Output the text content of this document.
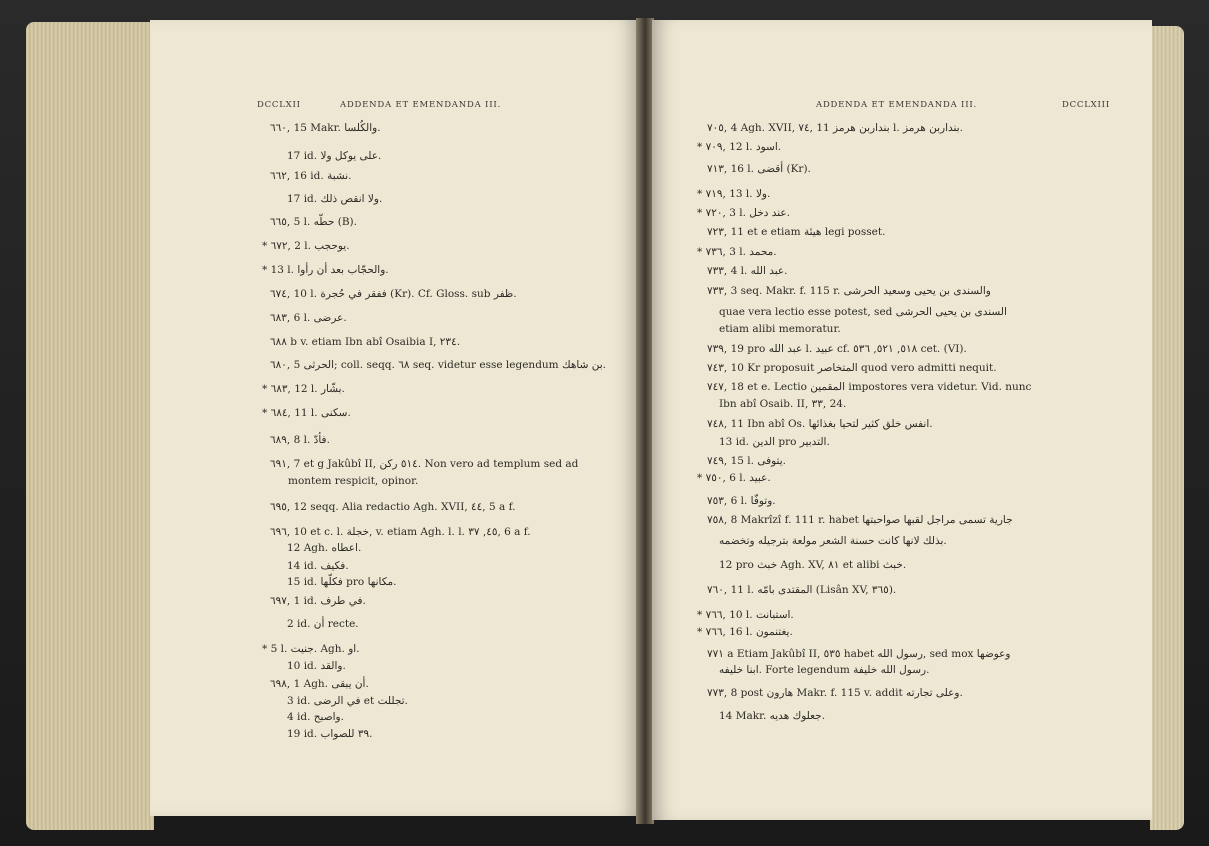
DCCLXII	ADDENDA ET EMENDANDA III.
٦٦٠, 15 Makr. والكُلسا.
17 id. على يوكل ولا.
٦٦٢, 16 id. نشبة.
17 id. ولا انقص ذلك.
٦٦٥, 5 l. حطّه (B).
* ٦٧٢, 2 l. يوحجب.
* 13 l. والحجّاب بعد أن رأوا.
٦٧٤, 10 l. ففقر في حُجرة (Kr). Cf. Gloss. sub ظفر.
٦٨٣, 6 l. عرضى.
٦٨٨ b v. etiam Ibn abî Osaibia I, ٢٣٤.
٦٨٠, 5 الحرثى; coll. seqq. ٦٨ seq. videtur esse legendum بن شاهك.
* ٦٨٣, 12 l. بشّار.
* ٦٨٤, 11 l. سكنى.
٦٨٩, 8 l. فأدّ.
٦٩١, 7 et g Jakûbî II, ٥١٤ ركن. Non vero ad templum sed ad
montem respicit, opinor.
٦٩٥, 12 seqq. Alia redactio Agh. XVII, ٤٤, 5 a f.
٦٩٦, 10 et c. l. خجلة, v. etiam Agh. l. l. ٤٥, ٣٧, 6 a f.
12 Agh. اعطاه.
14 id. فكيف.
15 id. فكلّها pro مكانها.
٦٩٧, 1 id. في طرف.
2 id. أن recte.
* 5 l. جنيت. Agh. او.
10 id. والقد.
٦٩٨, 1 Agh. أن يبقى.
3 id. في الرضى et تجللت.
4 id. واصبح.
19 id. ٣٩ للصواب.
ADDENDA ET EMENDANDA III.	DCCLXIII
٧٠٥, 4 Agh. XVII, ٧٤, 11 بنداربن هرمز l. بنداربن هرمز.
* ٧٠٩, 12 l. اسود.
٧١٣, 16 l. أقضى (Kr).
* ٧١٩, 13 l. ولا.
* ٧٢٠, 3 l. عند دخل.
٧٢٣, 11 et e etiam هيئة legi posset.
* ٧٣٦, 3 l. محمد.
٧٣٣, 4 l. عبد الله.
٧٣٣, 3 seq. Makr. f. 115 r. والسندى بن يحيى وسعيد الحرشى
quae vera lectio esse potest, sed السندى بن يحيى الحرشى
etiam alibi memoratur.
٧٣٩, 19 pro عبد الله l. عبيد cf. ٥١٨, ٥٢١, ٥٣٦ cet. (VI).
٧٤٣, 10 Kr proposuit المتخاصر quod vero admitti nequit.
٧٤٧, 18 et e. Lectio المقمين impostores vera videtur. Vid. nunc
Ibn abî Osaib. II, ٣٣, 24.
٧٤٨, 11 Ibn abî Os. انفس خلق كثير لتحيا بغذائها.
13 id. الدين pro التدبير.
٧٤٩, 15 l. يتوفى.
* ٧٥٠, 6 l. عبيد.
٧٥٣, 6 l. وتوفّا.
٧٥٨, 8 Makrîzî f. 111 r. habet جارية تسمى مراجل لقبها صواحبتها
بذلك لانها كانت حسنة الشعر مولعة بترجيله وتخضمه.
12 pro خبث Agh. XV, ٨١ et alibi خبث.
٧٦٠, 11 l. المقتدى بامّه (Lisân XV, ٣٦٥).
* ٧٦٦, 10 l. استبانت.
* ٧٦٦, 16 l. يغتنمون.
٧٧١ a Etiam Jakûbî II, ٥٣٥ habet رسول الله, sed mox وعوضها
ابنا خليفه. Forte legendum رسول الله خليفة.
٧٧٣, 8 post هارون Makr. f. 115 v. addit وعلى تجارته.
14 Makr. جعلوك هديه.
